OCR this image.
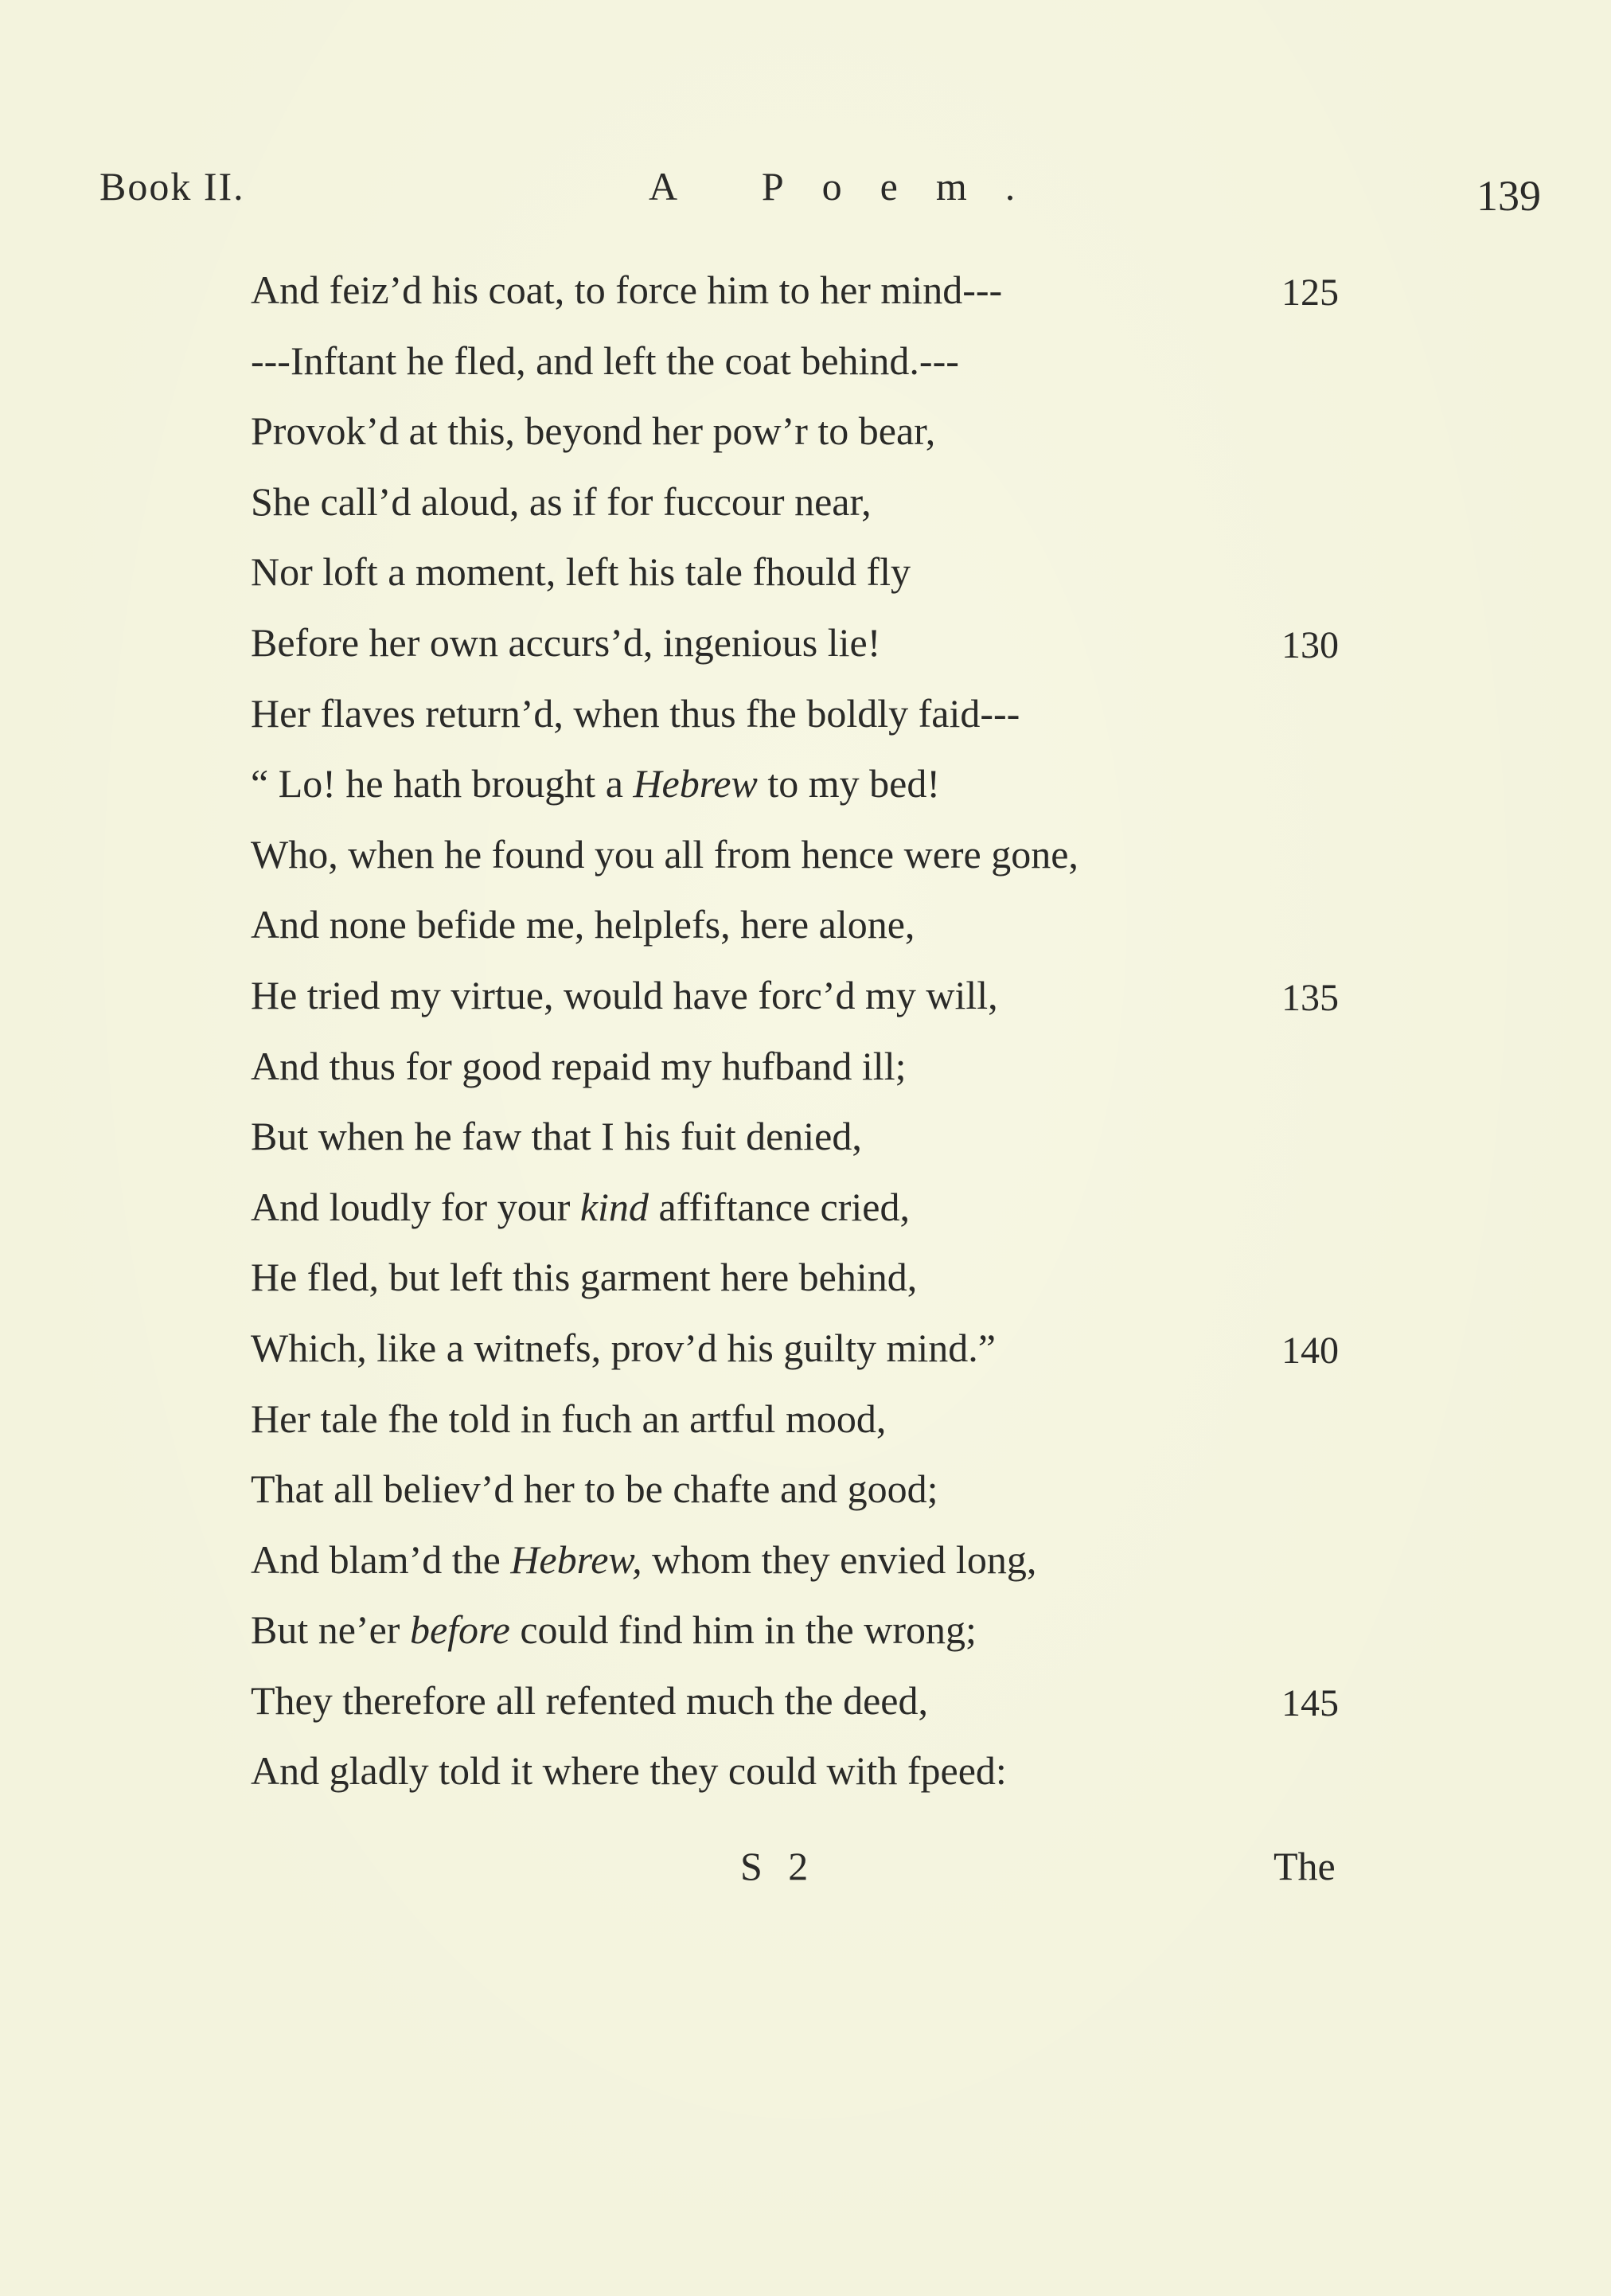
Book II.	A Poem.	139
And feiz’d his coat, to force him to her mind---	125
---Inftant he fled, and left the coat behind.---
Provok’d at this, beyond her pow’r to bear,
She call’d aloud, as if for fuccour near,
Nor loft a moment, left his tale fhould fly
Before her own accurs’d, ingenious lie!	130
Her flaves return’d, when thus fhe boldly faid---
“ Lo! he hath brought a Hebrew to my bed!
Who, when he found you all from hence were gone,
And none befide me, helplefs, here alone,
He tried my virtue, would have forc’d my will,	135
And thus for good repaid my hufband ill;
But when he faw that I his fuit denied,
And loudly for your kind affiftance cried,
He fled, but left this garment here behind,
Which, like a witnefs, prov’d his guilty mind.”	140
Her tale fhe told in fuch an artful mood,
That all believ’d her to be chafte and good;
And blam’d the Hebrew, whom they envied long,
But ne’er before could find him in the wrong;
They therefore all refented much the deed,	145
And gladly told it where they could with fpeed:
S 2	The
